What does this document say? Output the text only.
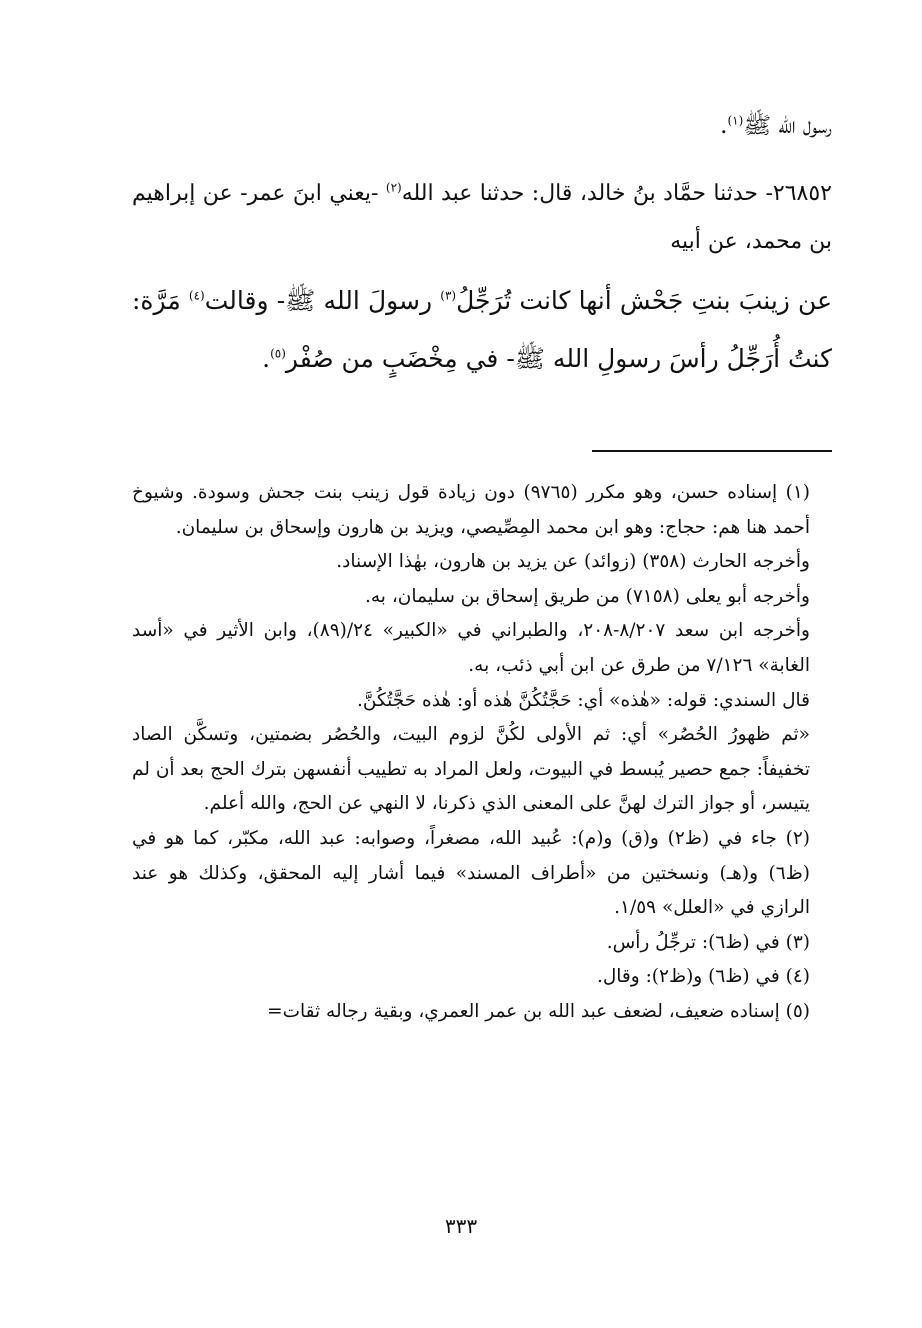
رسول الله ﷺ$^{(١)}$.

٢٦٨٥٢- حدثنا حمَّاد بنُ خالد، قال: حدثنا عبد الله$^{(٢)}$ -يعني ابنَ عمر- عن إبراهيم بن محمد، عن أبيه

عن زينبَ بنتِ جَحْش أنها كانت تُرَجِّلُ$^{(٣)}$ رسولَ الله ﷺ- وقالت$^{(٤)}$ مَرَّة: كنتُ أُرَجِّلُ رأسَ رسولِ الله ﷺ- في مِخْضَبٍ من صُفْر$^{(٥)}$.

(١) إسناده حسن، وهو مكرر (٩٧٦٥) دون زيادة قول زينب بنت جحش وسودة. وشيوخ أحمد هنا هم: حجاج: وهو ابن محمد المِصِّيصي، ويزيد بن هارون وإسحاق بن سليمان.

وأخرجه الحارث (٣٥٨) (زوائد) عن يزيد بن هارون، بهٰذا الإسناد.

وأخرجه أبو يعلى (٧١٥٨) من طريق إسحاق بن سليمان، به.

وأخرجه ابن سعد ٨/٢٠٧-٢٠٨، والطبراني في «الكبير» ٢٤/(٨٩)، وابن الأثير في «أسد الغابة» ٧/١٢٦ من طرق عن ابن أبي ذئب، به.

قال السندي: قوله: «هٰذه» أي: حَجَّتُكُنَّ هٰذه أو: هٰذه حَجَّتُكُنَّ.

«ثم ظهورُ الحُصُر» أي: ثم الأولى لكُنَّ لزوم البيت، والحُصُر بضمتين، وتسكَّن الصاد تخفيفاً: جمع حصير يُبسط في البيوت، ولعل المراد به تطييب أنفسهن بترك الحج بعد أن لم يتيسر، أو جواز الترك لهنَّ على المعنى الذي ذكرنا، لا النهي عن الحج، والله أعلم.

(٢) جاء في (ظ٢) و(ق) و(م): عُبيد الله، مصغراً، وصوابه: عبد الله، مكبّر، كما هو في (ظ٦) و(هـ) ونسختين من «أطراف المسند» فيما أشار إليه المحقق، وكذلك هو عند الرازي في «العلل» ١/٥٩.

(٣) في (ظ٦): ترجِّلُ رأس.

(٤) في (ظ٦) و(ظ٢): وقال.

(٥) إسناده ضعيف، لضعف عبد الله بن عمر العمري، وبقية رجاله ثقات=

٣٣٣
